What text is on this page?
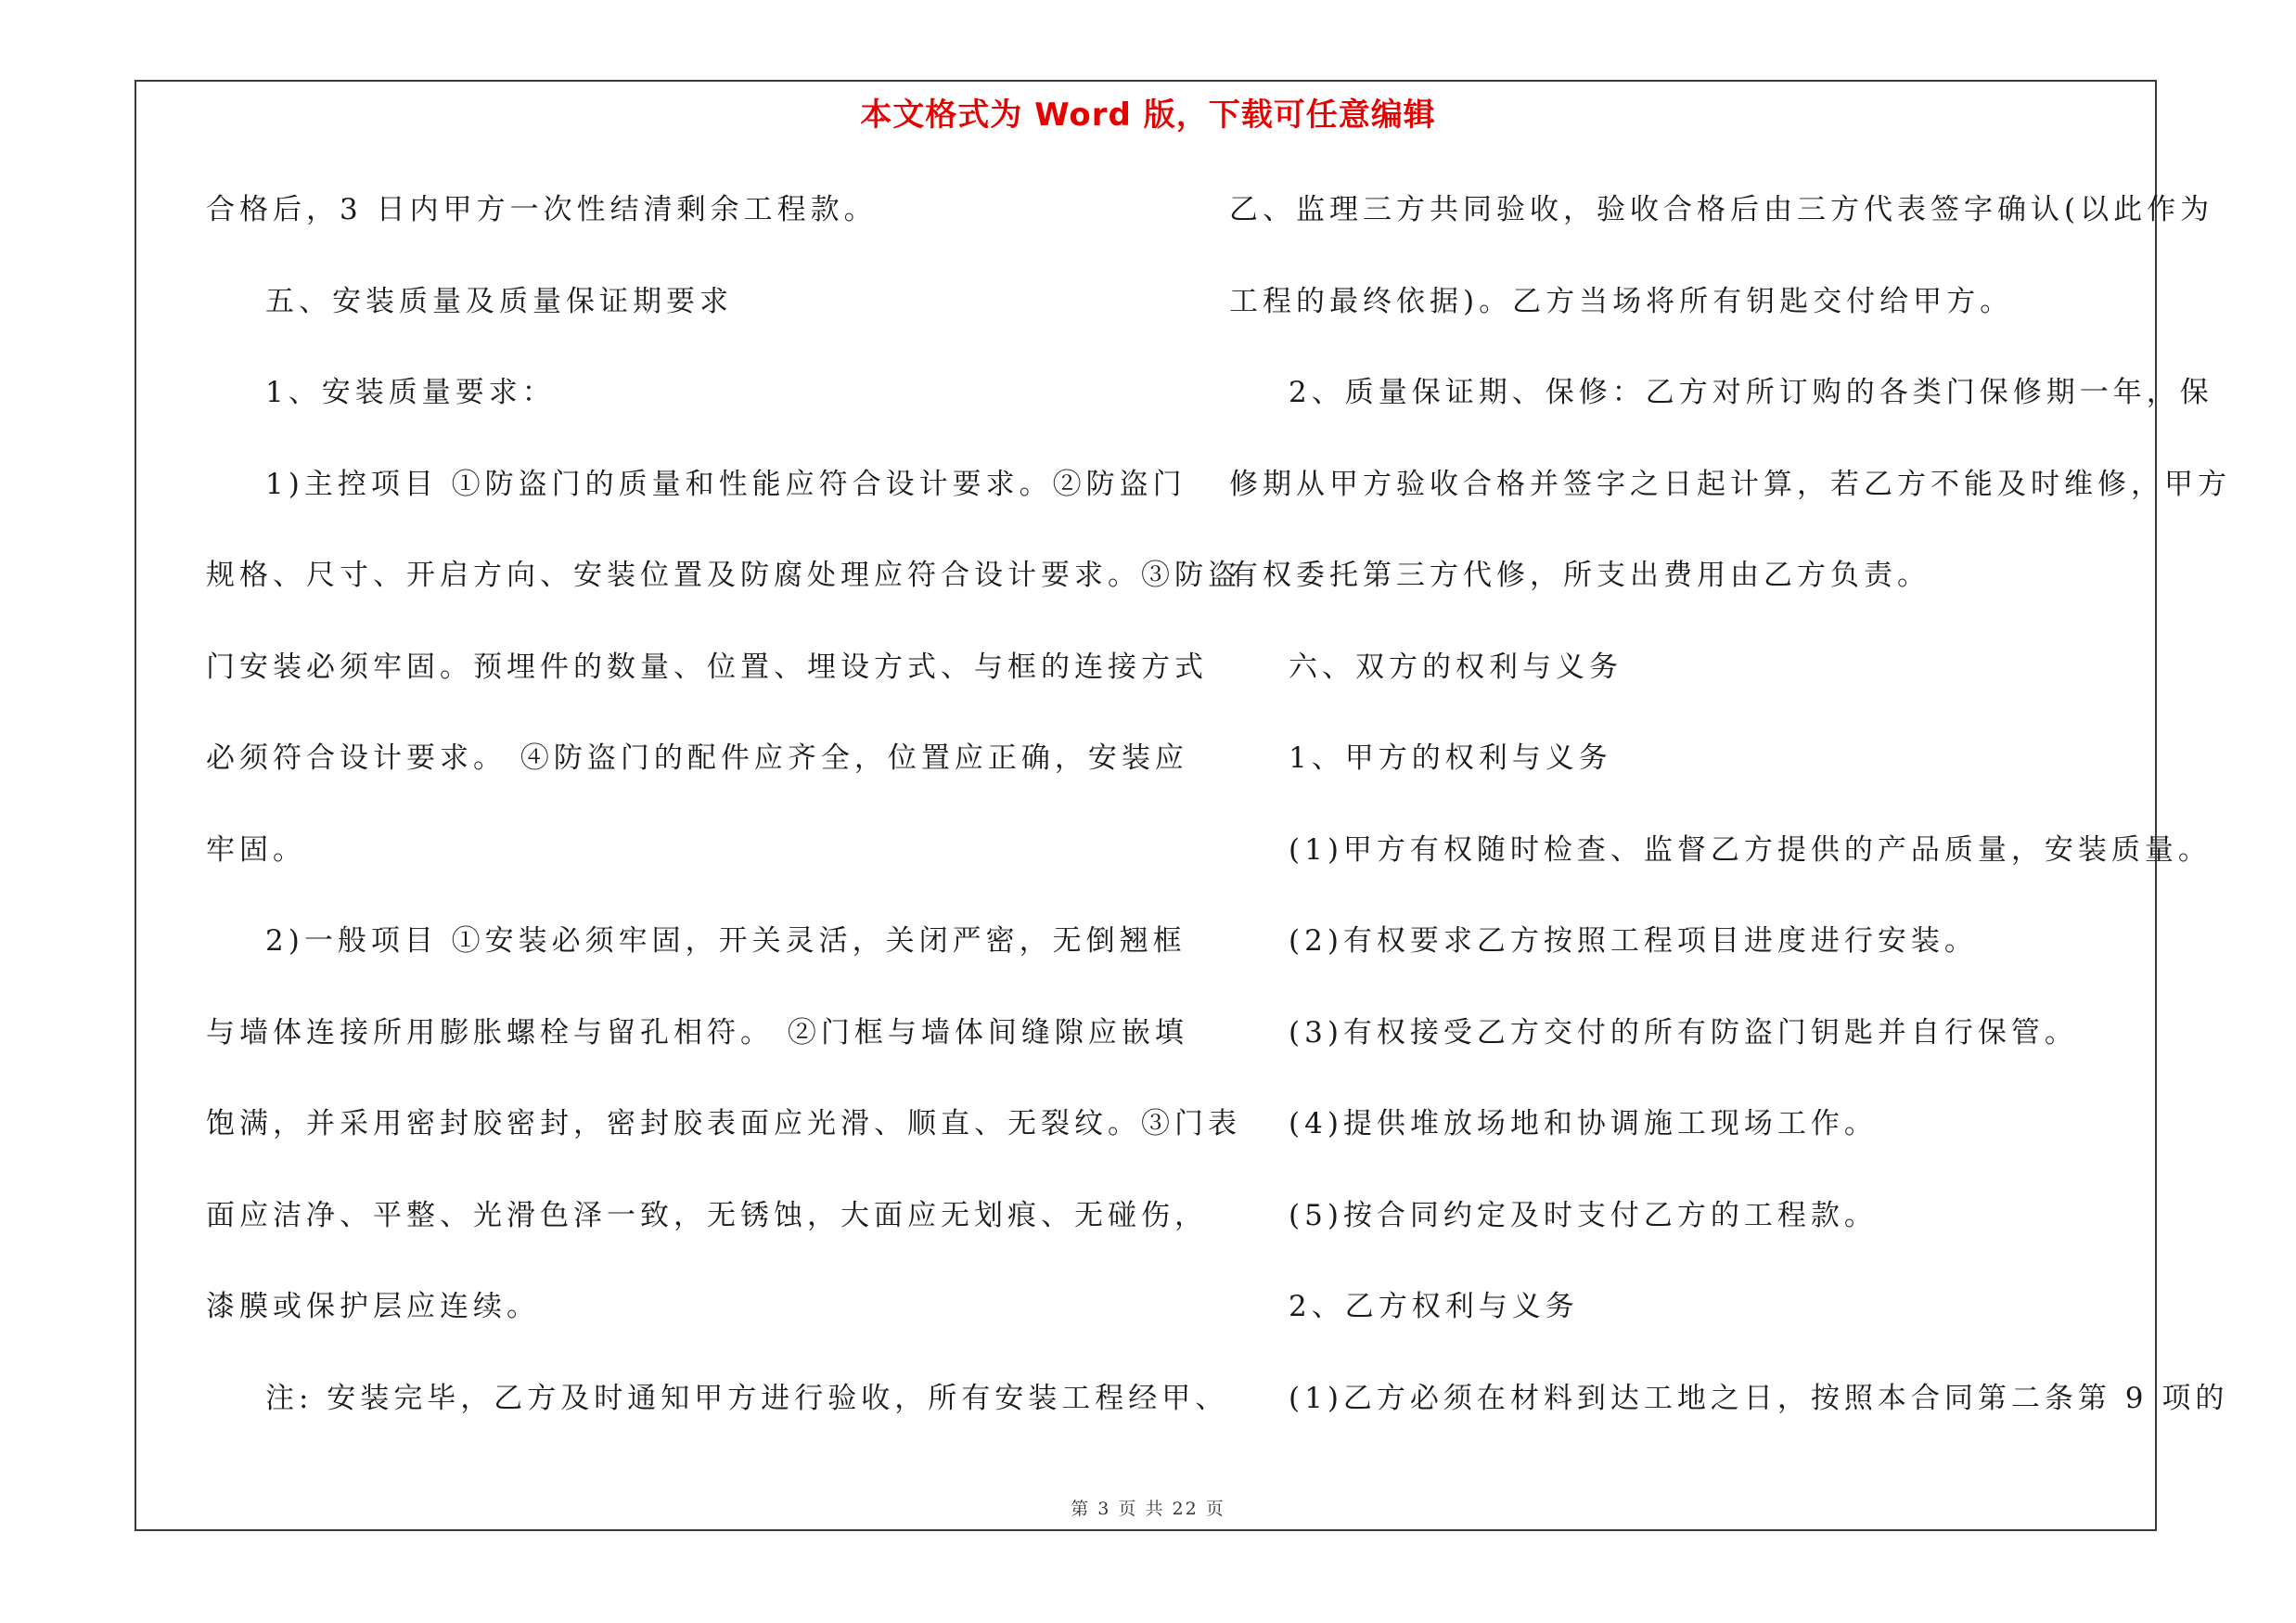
本文格式为 Word 版，下载可任意编辑
合格后，3 日内甲方一次性结清剩余工程款。
五、安装质量及质量保证期要求
1、安装质量要求：
1)主控项目 ①防盗门的质量和性能应符合设计要求。②防盗门
规格、尺寸、开启方向、安装位置及防腐处理应符合设计要求。③防盗
门安装必须牢固。预埋件的数量、位置、埋设方式、与框的连接方式
必须符合设计要求。 ④防盗门的配件应齐全，位置应正确，安装应
牢固。
2)一般项目 ①安装必须牢固，开关灵活，关闭严密，无倒翘框
与墙体连接所用膨胀螺栓与留孔相符。 ②门框与墙体间缝隙应嵌填
饱满，并采用密封胶密封，密封胶表面应光滑、顺直、无裂纹。③门表
面应洁净、平整、光滑色泽一致，无锈蚀，大面应无划痕、无碰伤，
漆膜或保护层应连续。
注: 安装完毕，乙方及时通知甲方进行验收，所有安装工程经甲、
乙、监理三方共同验收，验收合格后由三方代表签字确认(以此作为
工程的最终依据)。乙方当场将所有钥匙交付给甲方。
2、质量保证期、保修：乙方对所订购的各类门保修期一年，保
修期从甲方验收合格并签字之日起计算，若乙方不能及时维修，甲方
有权委托第三方代修，所支出费用由乙方负责。
六、双方的权利与义务
1、甲方的权利与义务
(1)甲方有权随时检查、监督乙方提供的产品质量，安装质量。
(2)有权要求乙方按照工程项目进度进行安装。
(3)有权接受乙方交付的所有防盗门钥匙并自行保管。
(4)提供堆放场地和协调施工现场工作。
(5)按合同约定及时支付乙方的工程款。
2、乙方权利与义务
(1)乙方必须在材料到达工地之日，按照本合同第二条第 9 项的
第 3 页 共 22 页
